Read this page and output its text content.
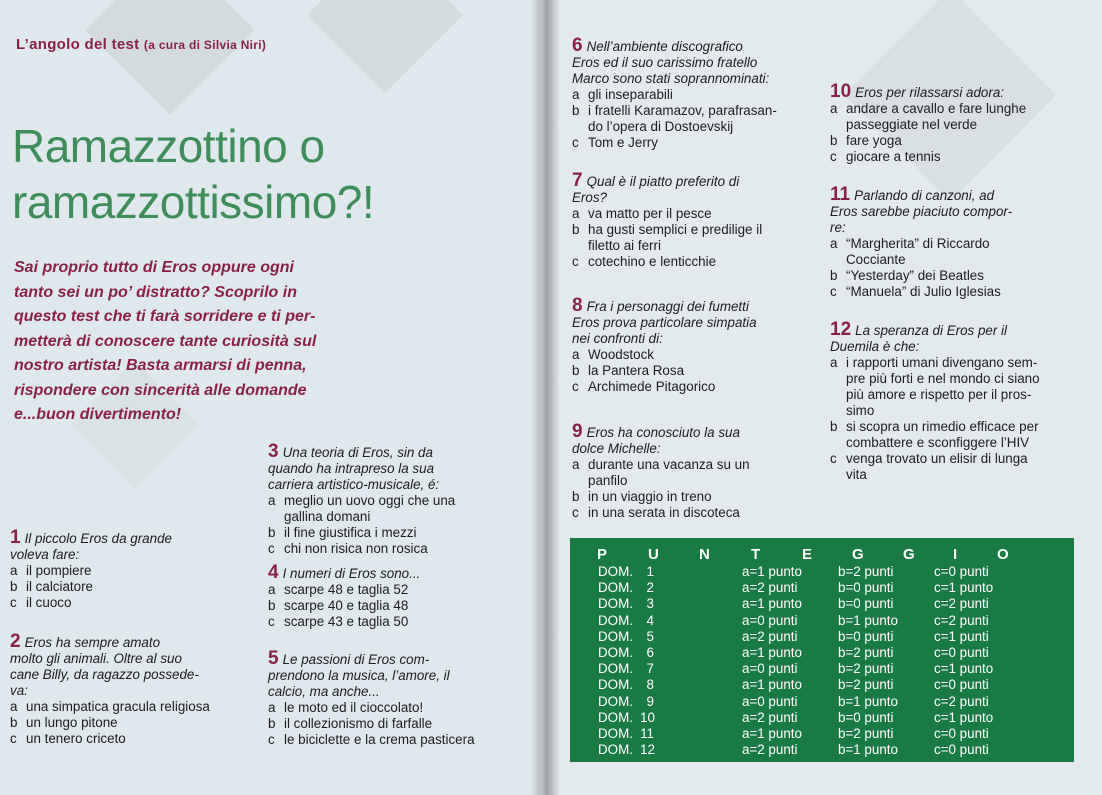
L’angolo del test (a cura di Silvia Niri)
Ramazzottino o
ramazzottissimo?!
Sai proprio tutto di Eros oppure ogni
tanto sei un po’ distratto? Scoprilo in
questo test che ti farà sorridere e ti per-
metterà di conoscere tante curiosità sul
nostro artista! Basta armarsi di penna,
rispondere con sincerità alle domande
e...buon divertimento!
1 Il piccolo Eros da grande
voleva fare:
a il pompiere
b il calciatore
c il cuoco
2 Eros ha sempre amato
molto gli animali. Oltre al suo
cane Billy, da ragazzo possede-
va:
a una simpatica gracula religiosa
b un lungo pitone
c un tenero criceto
3 Una teoria di Eros, sin da
quando ha intrapreso la sua
carriera artistico-musicale, é:
a meglio un uovo oggi che una
gallina domani
b il fine giustifica i mezzi
c chi non risica non rosica
4 I numeri di Eros sono...
a scarpe 48 e taglia 52
b scarpe 40 e taglia 48
c scarpe 43 e taglia 50
5 Le passioni di Eros com-
prendono la musica, l’amore, il
calcio, ma anche...
a le moto ed il cioccolato!
b il collezionismo di farfalle
c le biciclette e la crema pasticera
6 Nell’ambiente discografico
Eros ed il suo carissimo fratello
Marco sono stati soprannominati:
a gli inseparabili
b i fratelli Karamazov, parafrasan-
do l’opera di Dostoevskij
c Tom e Jerry
7 Qual è il piatto preferito di
Eros?
a va matto per il pesce
b ha gusti semplici e predilige il
filetto ai ferri
c cotechino e lenticchie
8 Fra i personaggi dei fumetti
Eros prova particolare simpatia
nei confronti di:
a Woodstock
b la Pantera Rosa
c Archimede Pitagorico
9 Eros ha conosciuto la sua
dolce Michelle:
a durante una vacanza su un
panfilo
b in un viaggio in treno
c in una serata in discoteca
10 Eros per rilassarsi adora:
a andare a cavallo e fare lunghe
passeggiate nel verde
b fare yoga
c giocare a tennis
11 Parlando di canzoni, ad
Eros sarebbe piaciuto compor-
re:
a “Margherita” di Riccardo
Cocciante
b “Yesterday” dei Beatles
c “Manuela” di Julio Iglesias
12 La speranza di Eros per il
Duemila è che:
a i rapporti umani divengano sem-
pre più forti e nel mondo ci siano
più amore e rispetto per il pros-
simo
b si scopra un rimedio efficace per
combattere e sconfiggere l’HIV
c venga trovato un elisir di lunga
vita
P	U	N	T	E	G	G I	O
DOM.	1	a=1 punto	b=2 punti	c=0 punti
DOM.	2	a=2 punti	b=0 punti	c=1 punto
DOM.	3	a=1 punto	b=0 punti	c=2 punti
DOM.	4	a=0 punti	b=1 punto	c=2 punti
DOM.	5	a=2 punti	b=0 punti	c=1 punti
DOM.	6	a=1 punto	b=2 punti	c=0 punti
DOM.	7	a=0 punti	b=2 punti	c=1 punto
DOM.	8	a=1 punto	b=2 punti	c=0 punti
DOM.	9	a=0 punti	b=1 punto	c=2 punti
DOM. 10	a=2 punti	b=0 punti	c=1 punto
DOM. 11	a=1 punto	b=2 punti	c=0 punti
DOM. 12	a=2 punti	b=1 punto	c=0 punti
